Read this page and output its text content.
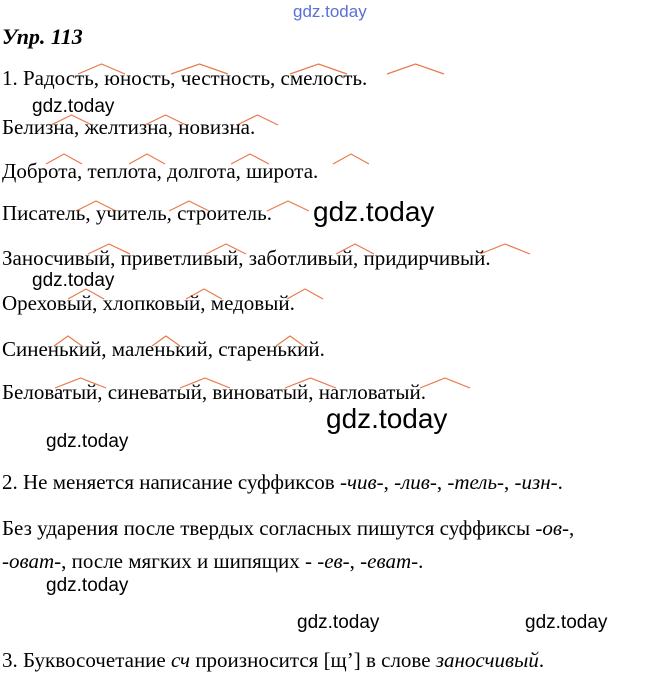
gdz.today
gdz.today
gdz.today
gdz.today
gdz.today
gdz.today
gdz.today
gdz.today	gdz.today
Упр. 113
1. Радость, юность, честность, смелость.
Белизна, желтизна, новизна.
Доброта, теплота, долгота, широта.
Писатель, учитель, строитель.
Заносчивый, приветливый, заботливый, придирчивый.
Ореховый, хлопковый, медовый.
Синенький, маленький, старенький.
Беловатый, синеватый, виноватый, нагловатый.
2. Не меняется написание суффиксов -чив-, -лив-, -тель-, -изн-.
Без ударения после твердых согласных пишутся суффиксы -ов-,
-оват-, после мягких и шипящих - -ев-, -еват-.
3. Буквосочетание сч произносится [щ’] в слове заносчивый.
